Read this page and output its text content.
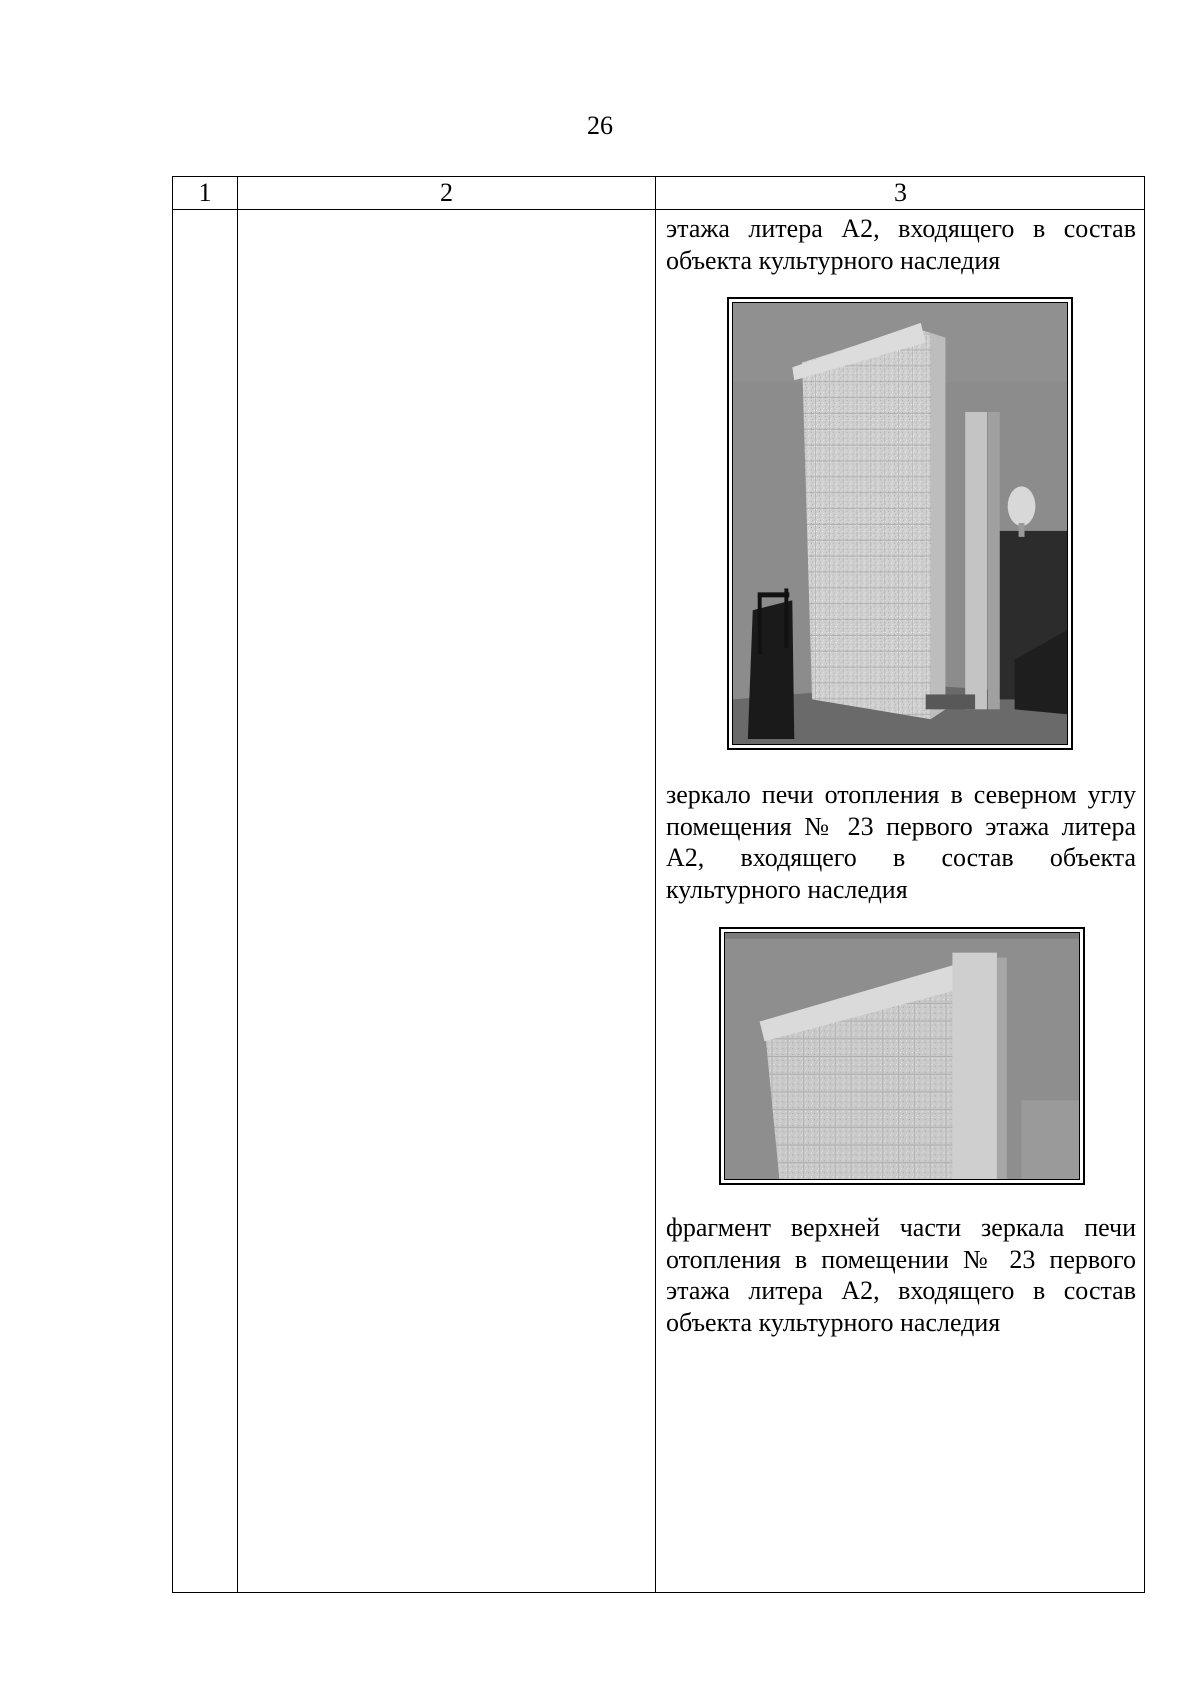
26
1	2	3
этажа литера А2, входящего в состав объекта культурного наследия
зеркало печи отопления в северном углу помещения № 23 первого этажа литера А2, входящего в состав объекта культурного наследия
фрагмент верхней части зеркала печи отопления в помещении № 23 первого этажа литера А2, входящего в состав объекта культурного наследия
